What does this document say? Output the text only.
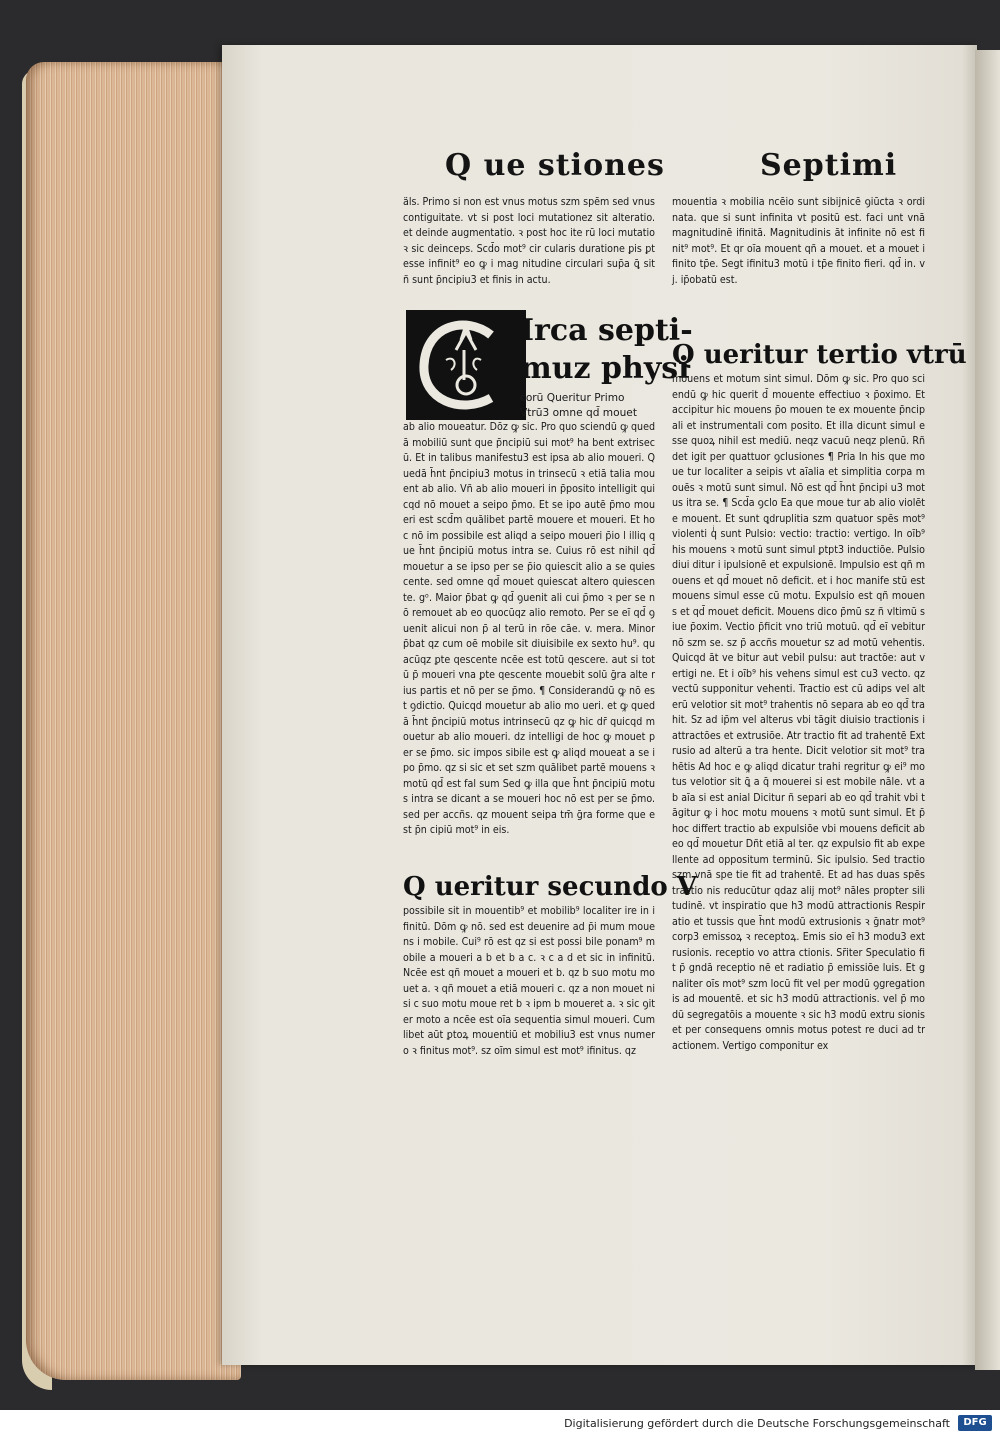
Q ue stiones	Septimi

äls. Primo si non est vnus motus szm spēm sed vnus contiguitate. vt si post loci mutationez sit alteratio. et deinde augmentatio. ꝛ post hoc ite rū loci mutatio ꝛ sic deinceps. Scd̄o mot⁹ cir cularis duratione ꝑis ꝑt esse infinit⁹ eo ꝙ i mag nitudine circulari sup̄a ꝗ̄ sit ñ sunt p̄ncipiu3 et finis in actu.

Irca septi-
muz physi
corū Queritur Primo
Vtrū3 omne qd̄ mouet

ab alio moueatur. Dōz ꝙ sic. Pro quo sciendū ꝙ quedā mobiliū sunt que p̄ncipiū sui mot⁹ ha bent extrisecū. Et in talibus manifestu3 est ipsa ab alio moueri. Quedā h̄nt p̄ncipiu3 motus in trinsecū ꝛ etiā talia mouent ab alio. Vñ ab alio moueri in p̄posito intelligit quicqd nō mouet a seipo p̄mo. Et se ipo autē p̄mo moueri est scd̄m quālibet partē mouere et moueri. Et hoc nō im possibile est aliqd a seipo moueri p̄io l illiq que h̄nt p̄ncipiū motus intra se. Cuius rō est nihil qd̄ mouetur a se ipso per se p̄io quiescit alio a se quiescente. sed omne qd̄ mouet quiescat altero quiescente. gᵒ. Maior p̄bat ꝙ qd̄ ꝯuenit ali cui p̄mo ꝛ per se nō remouet ab eo quocūqz alio remoto. Per se eī qd̄ ꝯuenit alicui non p̄ al terū in rōe cāe. v. mera. Minor p̄bat qz cum oē mobile sit diuisibile ex sexto hu⁹. quacūqz ꝑte qescente ncēe est totū qescere. aut si totū p̄ moueri vna ꝑte qescente mouebit solū ḡra alte rius partis et nō per se p̄mo. ¶ Considerandū ꝙ nō est ꝯdictio. Quicqd mouetur ab alio mo ueri. et ꝙ quedā h̄nt p̄ncipiū motus intrinsecū qz ꝙ hic dr̄ quicqd mouetur ab alio moueri. dz intelligi de hoc ꝙ mouet per se p̄mo. sic impos sibile est ꝙ aliqd moueat a se ipo p̄mo. qz si sic et set szm quālibet partē mouens ꝛ motū qd̄ est fal sum Sed ꝙ illa que h̄nt p̄ncipiū motus intra se dicant a se moueri hoc nō est per se p̄mo. sed per accñs. qz mouent seipa tm̄ ḡra forme que est p̄n cipiū mot⁹ in eis.

Q ueritur secundo V

possibile sit in mouentib⁹ et mobilib⁹ localiter ire in ifinitū. Dōm ꝙ nō. sed est deuenire ad p̄i mum mouens i mobile. Cui⁹ rō est qz si est possi bile ponam⁹ mobile a moueri a b et b a c. ꝛ c a d et sic in infinitū. Ncēe est qñ mouet a moueri et b. qz b suo motu mouet a. ꝛ qñ mouet a etiā moueri c. qz a non mouet nisi c suo motu moue ret b ꝛ ipm b moueret a. ꝛ sic ꝯiter moto a ncēe est oīa sequentia simul moueri. Cumlibet aūt ꝑtoꝝ mouentiū et mobiliu3 est vnus numero ꝛ finitus mot⁹. sz oīm simul est mot⁹ ifinitus. qz

mouentia ꝛ mobilia ncēio sunt sibijnicē ꝯiūcta ꝛ ordinata. que si sunt infinita vt positū est. faci unt vnā magnitudinē ifinitā. Magnitudinis āt infinite nō est finit⁹ mot⁹. Et qr oīa mouent qñ a mouet. et a mouet i finito tp̄e. Segt ifinitu3 motū i tp̄e finito fieri. qd̄ in. vj. ip̄obatū est.

Q ueritur tertio vtrū

mouens et motum sint simul. Dōm ꝙ sic. Pro quo sciendū ꝙ hic querit d̄ mouente effectiuo ꝛ p̄oximo. Et accipitur hic mouens p̄o mouen te ex mouente p̄ncipali et instrumentali com posito. Et illa dicunt simul esse quoꝝ nihil est mediū. neqz vacuū neqz plenū. Rñdet igit per quattuor ꝯclusiones ¶ Pria In his que moue tur localiter a seipis vt aīalia et simplitia corpa mouēs ꝛ motū sunt simul. Nō est qd̄ h̄nt p̄ncipi u3 motus itra se. ¶ Scd̄a ꝯclo Ea que moue tur ab alio violēte mouent. Et sunt ꝗdruplitia szm quatuor spēs mot⁹ violenti qͥ sunt Pulsio: vectio: tractio: vertigo. In oīb⁹ his mouens ꝛ motū sunt simul ꝑtpt3 inductiōe. Pulsio diui ditur i ipulsionē et expulsionē. Impulsio est qñ mouens et qd̄ mouet nō deficit. et i hoc manife stū est mouens simul esse cū motu. Expulsio est qñ mouens et qd̄ mouet deficit. Mouens dico p̄mū sz ñ vltimū siue p̄oxim. Vectio p̄ficit vno triū motuū. qd̄ eī vebitur nō szm se. sz p̄ accñs mouetur sz ad motū vehentis. Quicqd āt ve bitur aut vebil pulsu: aut tractōe: aut vertigi ne. Et i oīb⁹ his vehens simul est cu3 vecto. qz vectū supponitur vehenti. Tractio est cū adips vel alterū velotior sit mot⁹ trahentis nō separa ab eo qd̄ trahit. Sz ad ip̄m vel alterus vbi tāgit diuisio tractionis i attractōes et extrusiōe. Atr tractio fit ad trahentē Extrusio ad alterū a tra hente. Dicit velotior sit mot⁹ trahētis Ad hoc e ꝙ aliqd dicatur trahi regritur ꝙ ei⁹ motus velotior sit ꝗ̄ a q̄ mouerei si est mobile nāle. vt ab aīa si est anial Dicitur ñ separi ab eo qd̄ trahit vbi tāgitur ꝙ i hoc motu mouens ꝛ motū sunt simul. Et p̄ hoc differt tractio ab expulsiōe vbi mouens deficit ab eo qd̄ mouetur Dñt etiā al ter. qz expulsio fit ab expellente ad oppositum terminū. Sic ipulsio. Sed tractio szm vnā spe tie fit ad trahentē. Et ad has duas spēs tractio nis reducūtur qdaz alij mot⁹ nāles propter sili tudinē. vt inspiratio que h3 modū attractionis Respiratio et tussis que h̄nt modū extrusionis ꝛ ḡnatr mot⁹ corp3 emissoꝝ ꝛ receptoꝝ. Emis sio eī h3 modu3 extrusionis. receptio vo attra ctionis. Sr̄iter Speculatio fit p̄ gndā receptio nē et radiatio p̄ emissiōe luis. Et gnaliter oīs mot⁹ szm locū fit vel per modū ꝯgregationis ad mouentē. et sic h3 modū attractionis. vel p̄ mo dū segregatōis a mouente ꝛ sic h3 modū extru sionis et per consequens omnis motus potest re duci ad tractionem. Vertigo componitur ex

Digitalisierung gefördert durch die Deutsche Forschungsgemeinschaft	DFG
